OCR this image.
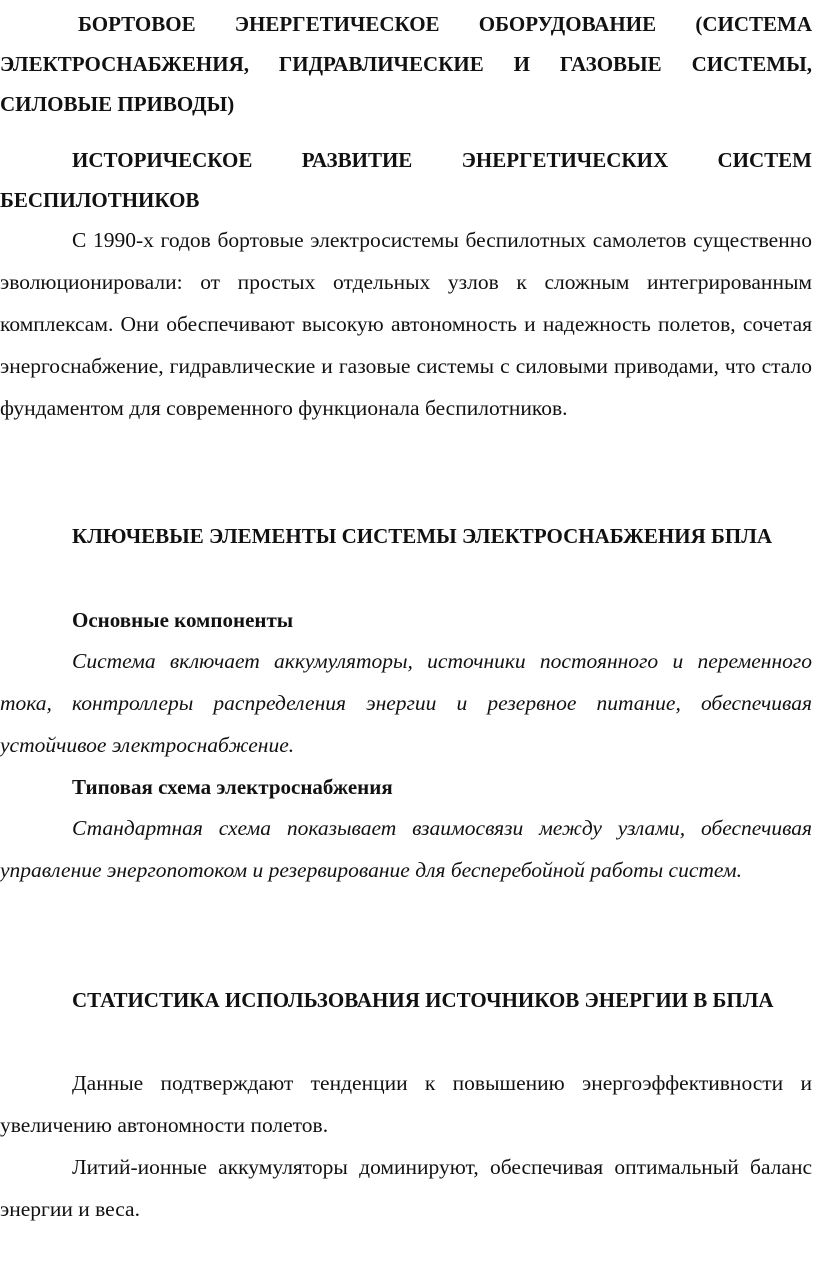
БОРТОВОЕ ЭНЕРГЕТИЧЕСКОЕ ОБОРУДОВАНИЕ (СИСТЕМА ЭЛЕКТРОСНАБЖЕНИЯ, ГИДРАВЛИЧЕСКИЕ И ГАЗОВЫЕ СИСТЕМЫ, СИЛОВЫЕ ПРИВОДЫ)
ИСТОРИЧЕСКОЕ РАЗВИТИЕ ЭНЕРГЕТИЧЕСКИХ СИСТЕМ БЕСПИЛОТНИКОВ

С 1990-х годов бортовые электросистемы беспилотных самолетов существенно эволюционировали: от простых отдельных узлов к сложным интегрированным комплексам. Они обеспечивают высокую автономность и надежность полетов, сочетая энергоснабжение, гидравлические и газовые системы с силовыми приводами, что стало фундаментом для современного функционала беспилотников.

КЛЮЧЕВЫЕ ЭЛЕМЕНТЫ СИСТЕМЫ ЭЛЕКТРОСНАБЖЕНИЯ БПЛА
Основные компоненты

Система включает аккумуляторы, источники постоянного и переменного тока, контроллеры распределения энергии и резервное питание, обеспечивая устойчивое электроснабжение.

Типовая схема электроснабжения

Стандартная схема показывает взаимосвязи между узлами, обеспечивая управление энергопотоком и резервирование для бесперебойной работы систем.

СТАТИСТИКА ИСПОЛЬЗОВАНИЯ ИСТОЧНИКОВ ЭНЕРГИИ В БПЛА

Данные подтверждают тенденции к повышению энергоэффективности и увеличению автономности полетов.

Литий-ионные аккумуляторы доминируют, обеспечивая оптимальный баланс энергии и веса.
